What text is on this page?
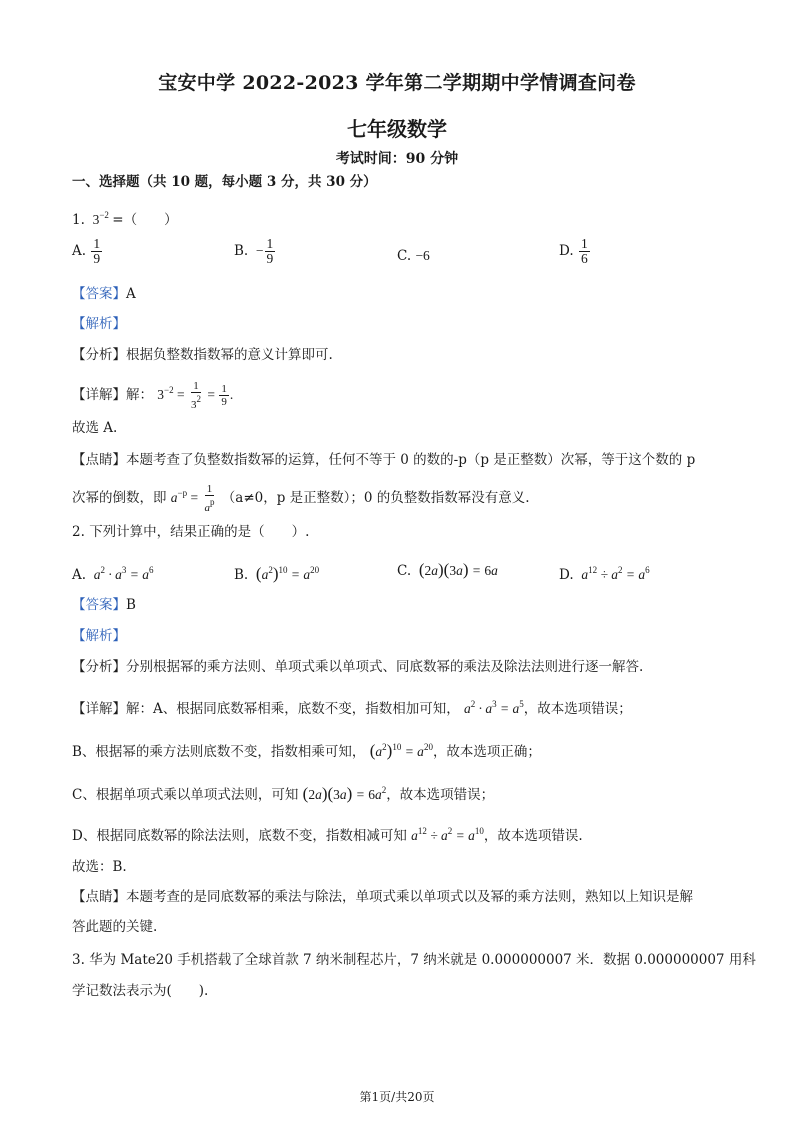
宝安中学 2022-2023 学年第二学期期中学情调查问卷
七年级数学
考试时间：90 分钟
一、选择题（共 10 题，每小题 3 分，共 30 分）
1.  $3^{-2}$ =（　　）
A. $\frac{1}{9}$	B.  − $\frac{1}{9}$	C. −6	D. $\frac{1}{6}$
【答案】A
【解析】
【分析】根据负整数指数幂的意义计算即可.
【详解】解： $3^{-2} = \frac{1}{3^2} = \frac{1}{9}$ .
故选 A.
【点睛】本题考查了负整数指数幂的运算，任何不等于 0 的数的-p（p 是正整数）次幂，等于这个数的 p
次幂的倒数，即 $a^{-p} = \frac{1}{a^p} (a\ne 0$，p 是正整数）；0 的负整数指数幂没有意义.
2. 下列计算中，结果正确的是（　　）.
A.  $a^2 \cdot a^3 = a^6$	B. $(a^2)^{10} = a^{20}$	C. (2a)(3a) = 6a	D.  $a^{12} \div a^2 = a^6$
【答案】B
【解析】
【分析】分别根据幂的乘方法则、单项式乘以单项式、同底数幂的乘法及除法法则进行逐一解答.
【详解】解：A、根据同底数幂相乘，底数不变，指数相加可知， $a^2 \cdot a^3 = a^5$，故本选项错误；
B、根据幂的乘方法则底数不变，指数相乘可知， $(a^2)^{10} = a^{20}$，故本选项正确；
C、根据单项式乘以单项式法则，可知 $(2a)(3a) = 6a^2$，故本选项错误；
D、根据同底数幂的除法法则，底数不变，指数相减可知 $a^{12} \div a^2 = a^{10}$，故本选项错误.
故选：B.
【点睛】本题考查的是同底数幂的乘法与除法，单项式乘以单项式以及幂的乘方法则，熟知以上知识是解
答此题的关键.
3. 华为 Mate20 手机搭载了全球首款 7 纳米制程芯片，7 纳米就是 0.000000007 米．数据 0.000000007 用科
学记数法表示为(　　).
第1页/共20页
